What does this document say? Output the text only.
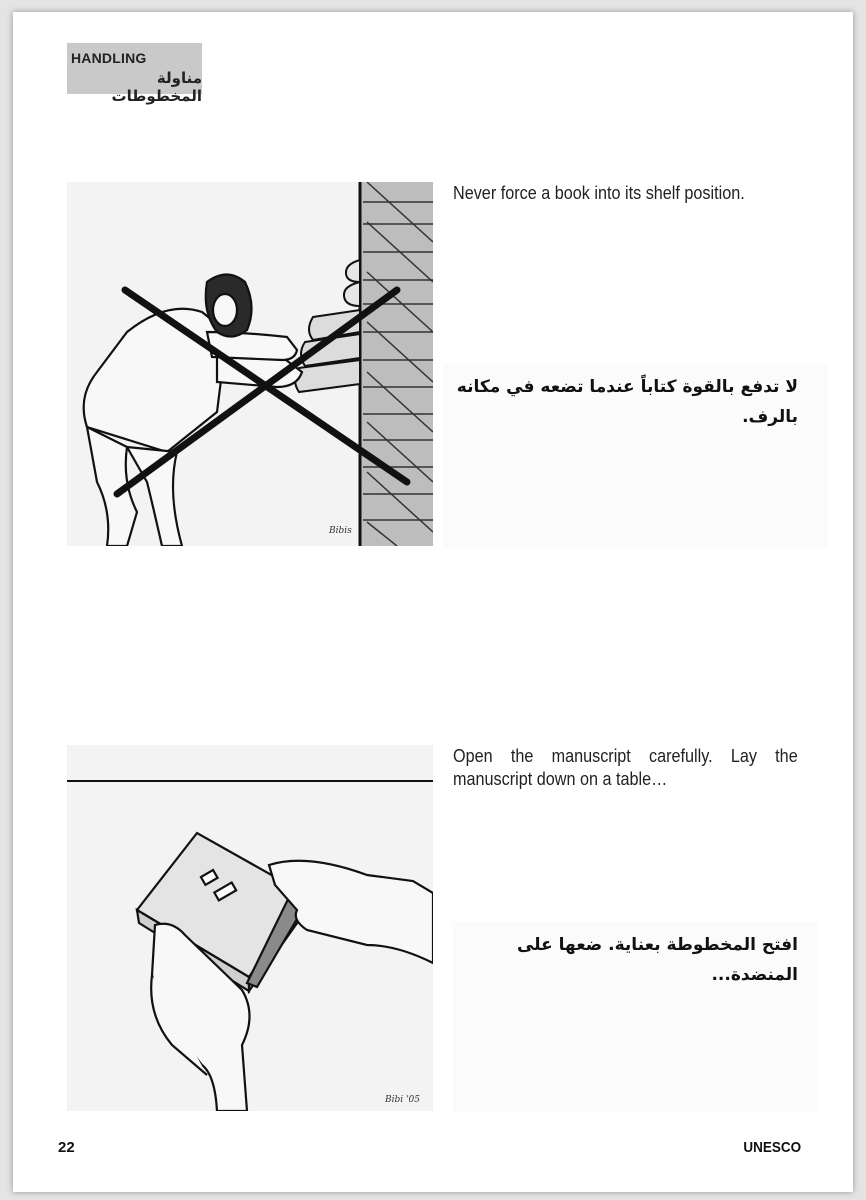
HANDLING
مناولة المخطوطات
Bibis
Never force a book into its shelf position.
لا تدفع بالقوة كتاباً عندما تضعه في مكانه بالرف.
Bibi '05
Open the manuscript carefully. Lay the manuscript down on a table…
افتح المخطوطة بعناية. ضعها على المنضدة...
22	UNESCO
